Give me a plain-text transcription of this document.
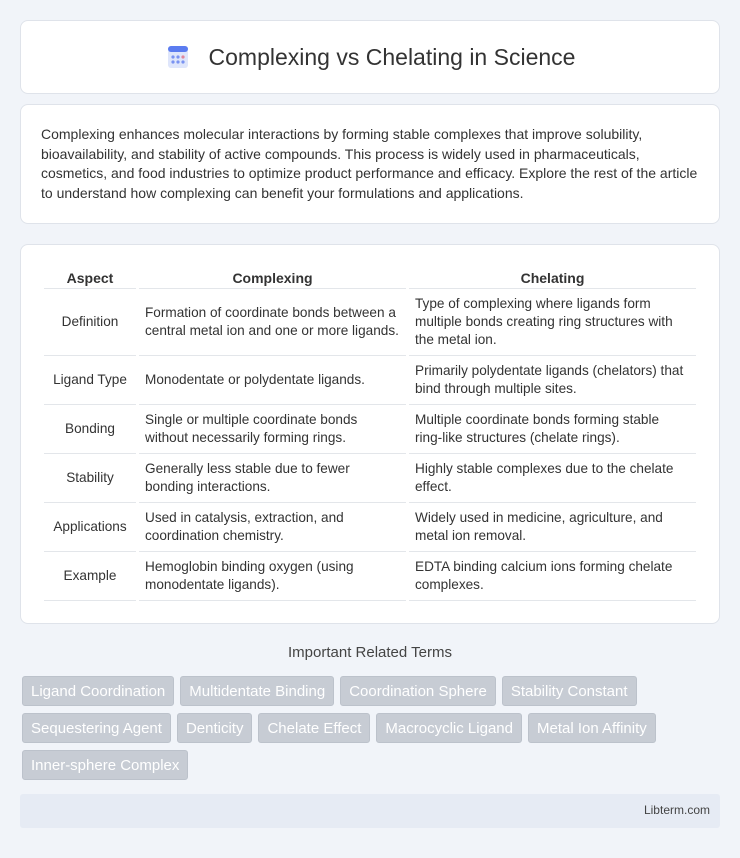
Complexing vs Chelating in Science

Complexing enhances molecular interactions by forming stable complexes that improve solubility, bioavailability, and stability of active compounds. This process is widely used in pharmaceuticals, cosmetics, and food industries to optimize product performance and efficacy. Explore the rest of the article to understand how complexing can benefit your formulations and applications.

Aspect	Complexing	Chelating
Definition	Formation of coordinate bonds between a central metal ion and one or more ligands.	Type of complexing where ligands form multiple bonds creating ring structures with the metal ion.
Ligand Type	Monodentate or polydentate ligands.	Primarily polydentate ligands (chelators) that bind through multiple sites.
Bonding	Single or multiple coordinate bonds without necessarily forming rings.	Multiple coordinate bonds forming stable ring-like structures (chelate rings).
Stability	Generally less stable due to fewer bonding interactions.	Highly stable complexes due to the chelate effect.
Applications	Used in catalysis, extraction, and coordination chemistry.	Widely used in medicine, agriculture, and metal ion removal.
Example	Hemoglobin binding oxygen (using monodentate ligands).	EDTA binding calcium ions forming chelate complexes.
Important Related Terms
Ligand Coordination	Multidentate Binding	Coordination Sphere	Stability Constant
Sequestering Agent	Denticity	Chelate Effect	Macrocyclic Ligand	Metal Ion Affinity
Inner-sphere Complex
Libterm.com
